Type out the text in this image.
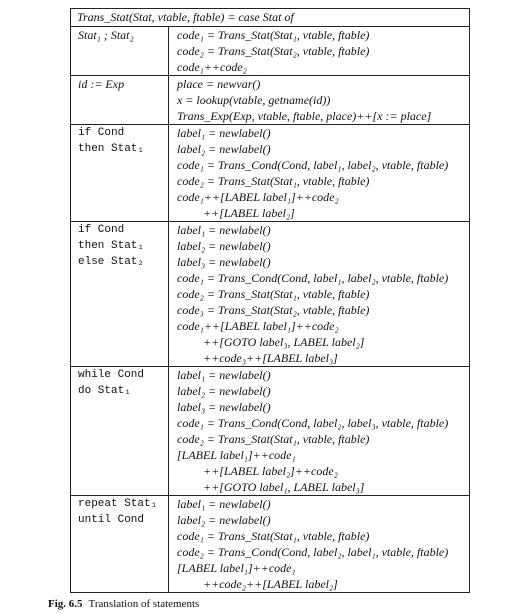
Trans_Stat(Stat, vtable, ftable) = case Stat of
Stat₁ ; Stat₂	code₁ = Trans_Stat(Stat₁, vtable, ftable)
code₂ = Trans_Stat(Stat₂, vtable, ftable)
code₁++code₂
id := Exp	place = newvar()
x = lookup(vtable, getname(id))
Trans_Exp(Exp, vtable, ftable, place)++[x := place]
if Cond
then Stat₁
label₁ = newlabel()
label₂ = newlabel()
code₁ = Trans_Cond(Cond, label₁, label₂, vtable, ftable)
code₂ = Trans_Stat(Stat₁, vtable, ftable)
code₁++[LABEL label₁]++code₂
++[LABEL label₂]
if Cond
then Stat₁
else Stat₂
label₁ = newlabel()
label₂ = newlabel()
label₃ = newlabel()
code₁ = Trans_Cond(Cond, label₁, label₂, vtable, ftable)
code₂ = Trans_Stat(Stat₁, vtable, ftable)
code₃ = Trans_Stat(Stat₂, vtable, ftable)
code₁++[LABEL label₁]++code₂
++[GOTO label₃, LABEL label₂]
++code₃++[LABEL label₃]
while Cond
do Stat₁
label₁ = newlabel()
label₂ = newlabel()
label₃ = newlabel()
code₁ = Trans_Cond(Cond, label₂, label₃, vtable, ftable)
code₂ = Trans_Stat(Stat₁, vtable, ftable)
[LABEL label₁]++code₁
++[LABEL label₂]++code₂
++[GOTO label₁, LABEL label₃]
repeat Stat₁
until Cond
label₁ = newlabel()
label₂ = newlabel()
code₁ = Trans_Stat(Stat₁, vtable, ftable)
code₂ = Trans_Cond(Cond, label₂, label₁, vtable, ftable)
[LABEL label₁]++code₁
++code₂++[LABEL label₂]
Fig. 6.5 Translation of statements
